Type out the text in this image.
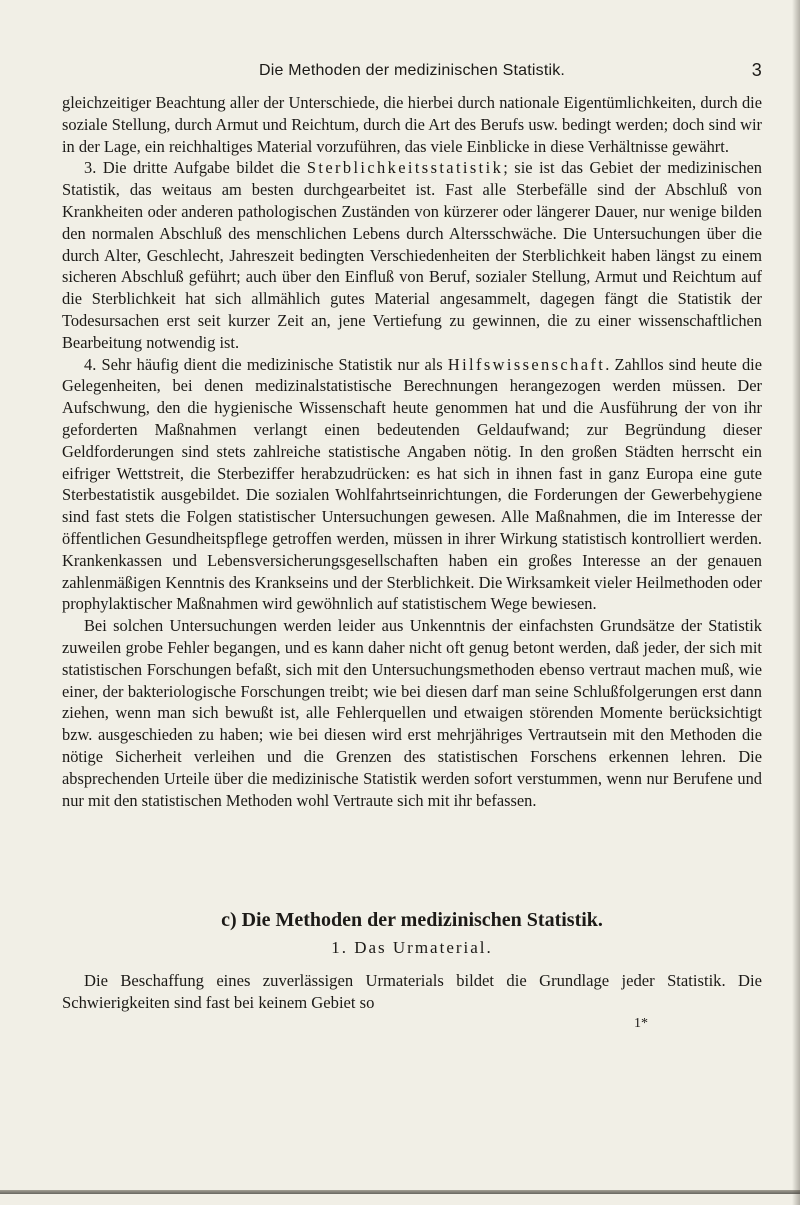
Die Methoden der medizinischen Statistik.	3

gleichzeitiger Beachtung aller der Unterschiede, die hierbei durch nationale Eigentümlichkeiten, durch die soziale Stellung, durch Armut und Reichtum, durch die Art des Berufs usw. bedingt werden; doch sind wir in der Lage, ein reichhaltiges Material vorzuführen, das viele Einblicke in diese Verhältnisse gewährt.

3. Die dritte Aufgabe bildet die Sterblichkeitsstatistik; sie ist das Gebiet der medizinischen Statistik, das weitaus am besten durchgearbeitet ist. Fast alle Sterbefälle sind der Abschluß von Krankheiten oder anderen pathologischen Zuständen von kürzerer oder längerer Dauer, nur wenige bilden den normalen Abschluß des menschlichen Lebens durch Altersschwäche. Die Untersuchungen über die durch Alter, Geschlecht, Jahreszeit bedingten Verschiedenheiten der Sterblichkeit haben längst zu einem sicheren Abschluß geführt; auch über den Einfluß von Beruf, sozialer Stellung, Armut und Reichtum auf die Sterblichkeit hat sich allmählich gutes Material angesammelt, dagegen fängt die Statistik der Todesursachen erst seit kurzer Zeit an, jene Vertiefung zu gewinnen, die zu einer wissenschaftlichen Bearbeitung notwendig ist.

4. Sehr häufig dient die medizinische Statistik nur als Hilfswissenschaft. Zahllos sind heute die Gelegenheiten, bei denen medizinalstatistische Berechnungen herangezogen werden müssen. Der Aufschwung, den die hygienische Wissenschaft heute genommen hat und die Ausführung der von ihr geforderten Maßnahmen verlangt einen bedeutenden Geldaufwand; zur Begründung dieser Geldforderungen sind stets zahlreiche statistische Angaben nötig. In den großen Städten herrscht ein eifriger Wettstreit, die Sterbeziffer herabzudrücken: es hat sich in ihnen fast in ganz Europa eine gute Sterbestatistik ausgebildet. Die sozialen Wohlfahrtseinrichtungen, die Forderungen der Gewerbehygiene sind fast stets die Folgen statistischer Untersuchungen gewesen. Alle Maßnahmen, die im Interesse der öffentlichen Gesundheitspflege getroffen werden, müssen in ihrer Wirkung statistisch kontrolliert werden. Krankenkassen und Lebensversicherungsgesellschaften haben ein großes Interesse an der genauen zahlenmäßigen Kenntnis des Krankseins und der Sterblichkeit. Die Wirksamkeit vieler Heilmethoden oder prophylaktischer Maßnahmen wird gewöhnlich auf statistischem Wege bewiesen.

Bei solchen Untersuchungen werden leider aus Unkenntnis der einfachsten Grundsätze der Statistik zuweilen grobe Fehler begangen, und es kann daher nicht oft genug betont werden, daß jeder, der sich mit statistischen Forschungen befaßt, sich mit den Untersuchungsmethoden ebenso vertraut machen muß, wie einer, der bakteriologische Forschungen treibt; wie bei diesen darf man seine Schlußfolgerungen erst dann ziehen, wenn man sich bewußt ist, alle Fehlerquellen und etwaigen störenden Momente berücksichtigt bzw. ausgeschieden zu haben; wie bei diesen wird erst mehrjähriges Vertrautsein mit den Methoden die nötige Sicherheit verleihen und die Grenzen des statistischen Forschens erkennen lehren. Die absprechenden Urteile über die medizinische Statistik werden sofort verstummen, wenn nur Berufene und nur mit den statistischen Methoden wohl Vertraute sich mit ihr befassen.

c) Die Methoden der medizinischen Statistik.
1. Das Urmaterial.

Die Beschaffung eines zuverlässigen Urmaterials bildet die Grundlage jeder Statistik. Die Schwierigkeiten sind fast bei keinem Gebiet so

1*
